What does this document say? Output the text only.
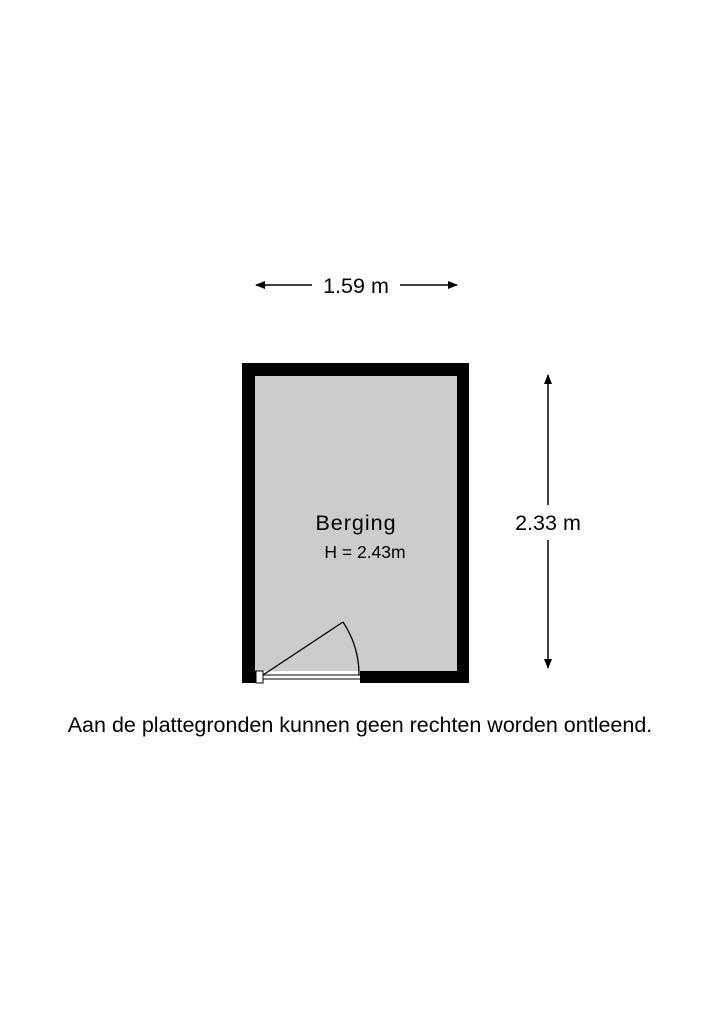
1.59 m
2.33 m
Berging
H = 2.43m
Aan de plattegronden kunnen geen rechten worden ontleend.
